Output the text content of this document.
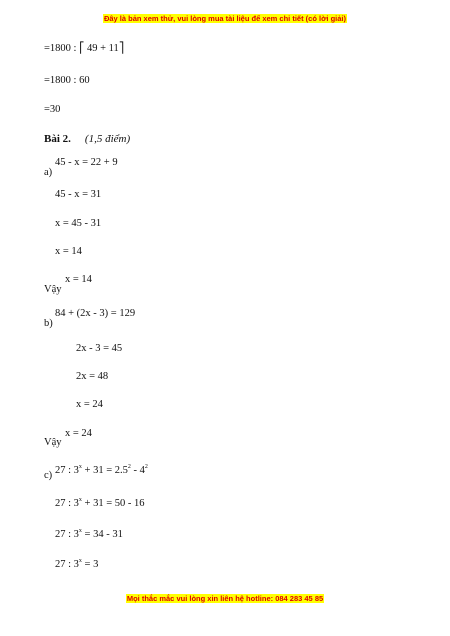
Đây là bản xem thử, vui lòng mua tài liệu để xem chi tiết (có lời giải)
=1800 : ⎡ 49 + 11⎤
=1800 : 60
=30
Bài 2. (1,5 điểm)
45 - x = 22 + 9
a)
45 - x = 31
x = 45 - 31
x = 14
x = 14
Vậy
84 + (2x - 3) = 129
b)
2x - 3 = 45
2x = 48
x = 24
x = 24
Vậy
27 : $3^x + 31 = 2.5^2 - 4^2$
c)
27 : $3^x + 31 = 50 - 16$
27 : $3^x = 34 - 31$
27 : $3^x = 3$
Mọi thắc mắc vui lòng xin liên hệ hotline: 084 283 45 85
